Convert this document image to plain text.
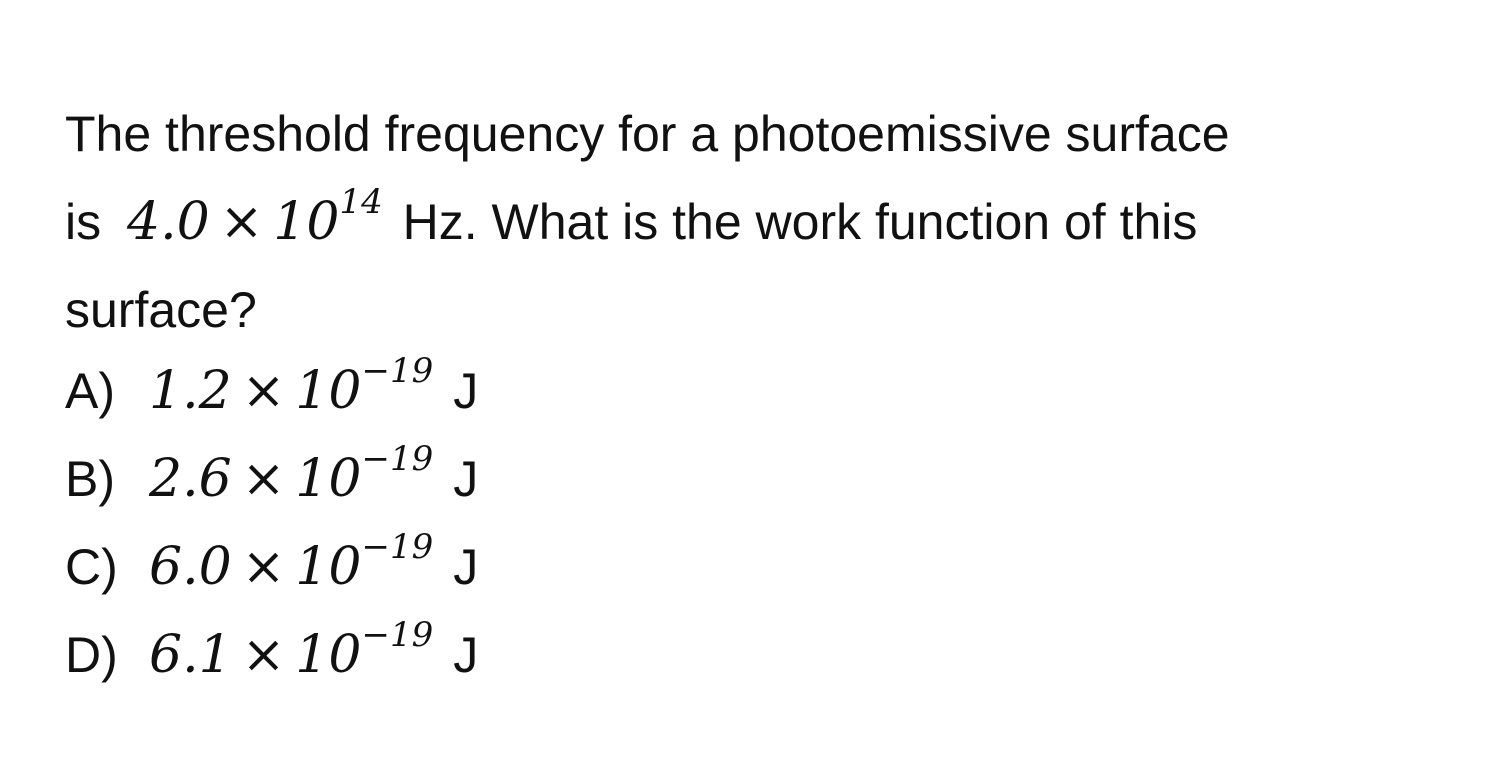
The threshold frequency for a photoemissive surface
is $4.0 \times 10^{14}$ Hz. What is the work function of this
surface?
A) $1.2 \times 10^{-19}$ J
B) $2.6 \times 10^{-19}$ J
C) $6.0 \times 10^{-19}$ J
D) $6.1 \times 10^{-19}$ J
